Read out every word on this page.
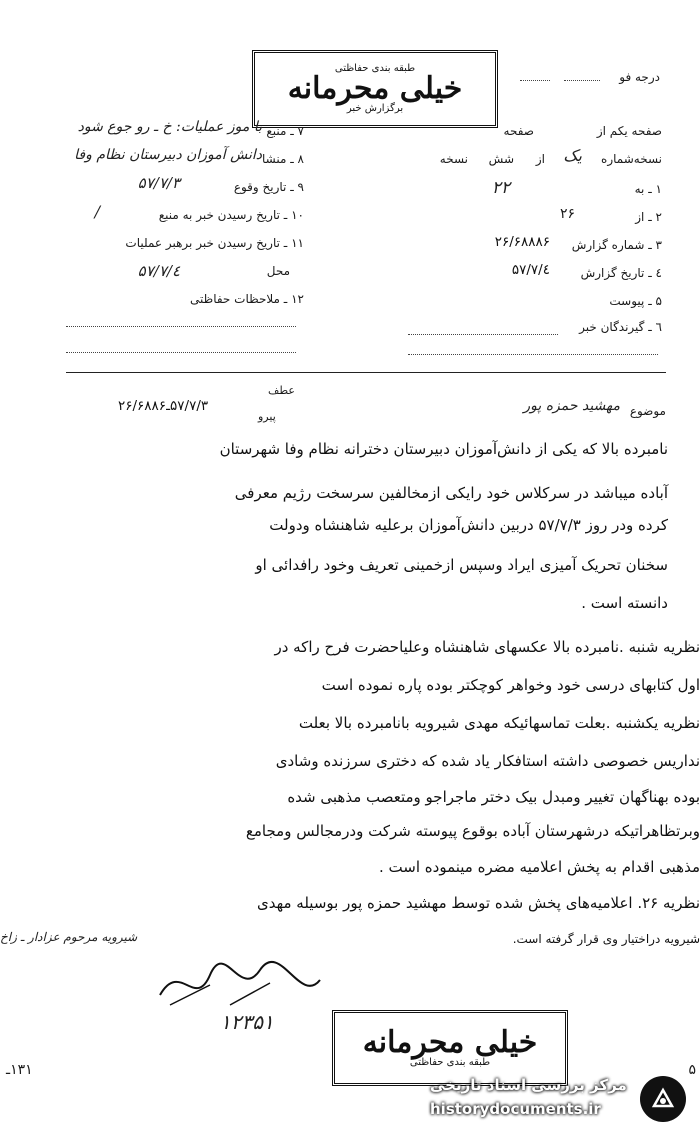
طبقه بندی حفاظتی
خیلی محرمانه
برگزارش خبر
درجه فو
صفحه یکم از
صفحه
نسخه‌شماره
یک
از
شش
نسخه
۱ ـ به
۲۲
۲ ـ از
۲۶
۳ ـ شماره گزارش
۲۶/۶۸۸۸۶
٤ ـ تاریخ گزارش
۵۷/۷/٤
۵ ـ پیوست
٦ ـ گیرندگان خبر
۷ ـ منبع
با موز عملیات: خ ـ رو جوع شود
۸ ـ منشا
دانش آموزان دبیرستان نظام وفا
۹ ـ تاریخ وقوع
۵۷/۷/۳
۱۰ ـ تاریخ رسیدن خبر به منبع
/
۱۱ ـ تاریخ رسیدن خبر برهبر عملیات
محل
۵۷/۷/٤
۱۲ ـ ملاحظات حفاظتی
موضوع
مهشید حمزه پور
عطف
پیرو
۵۷/۷/۳ـ۲۶/۶۸۸۶
نامبرده بالا که یکی از دانش‌آموزان دبیرستان دخترانه نظام وفا شهرستان
آباده میباشد در سرکلاس خود رایکی ازمخالفین سرسخت رژیم معرفی
کرده ودر روز ۵۷/۷/۳ دربین دانش‌آموزان برعلیه شاهنشاه ودولت
سخنان تحریک آمیزی ایراد وسپس ازخمینی تعریف وخود رافدائی او
دانسته است .
نظریه شنبه .نامبرده بالا عکسهای شاهنشاه وعلیاحضرت فرح راکه در
اول کتابهای درسی خود وخواهر کوچکتر بوده پاره نموده است
نظریه یکشنبه .بعلت تماسهائیکه مهدی شیرویه بانامبرده بالا بعلت
نداریس خصوصی داشته استافکار یاد شده که دختری سرزنده وشادی
بوده بهناگهان تغییر ومبدل بیک دختر ماجراجو ومتعصب مذهبی شده
وبرتظاهراتیکه درشهرستان آباده بوقوع پیوسته شرکت ودرمجالس ومجامع
مذهبی اقدام به پخش اعلامیه مضره مینموده است .
نظریه ۲۶. اعلامیه‌های پخش شده توسط مهشید حمزه پور بوسیله مهدی
شیرویه دراختیار وی قرار گرفته است.
شیرویه مرحوم عزادار ـ زاخ
۱۲۳۵۱
خیلی محرمانه
طبقه بندی حفاظتی
۱۳۱ـ	۵
مرکز بررسی اسناد تاریخی
historydocuments.ir
